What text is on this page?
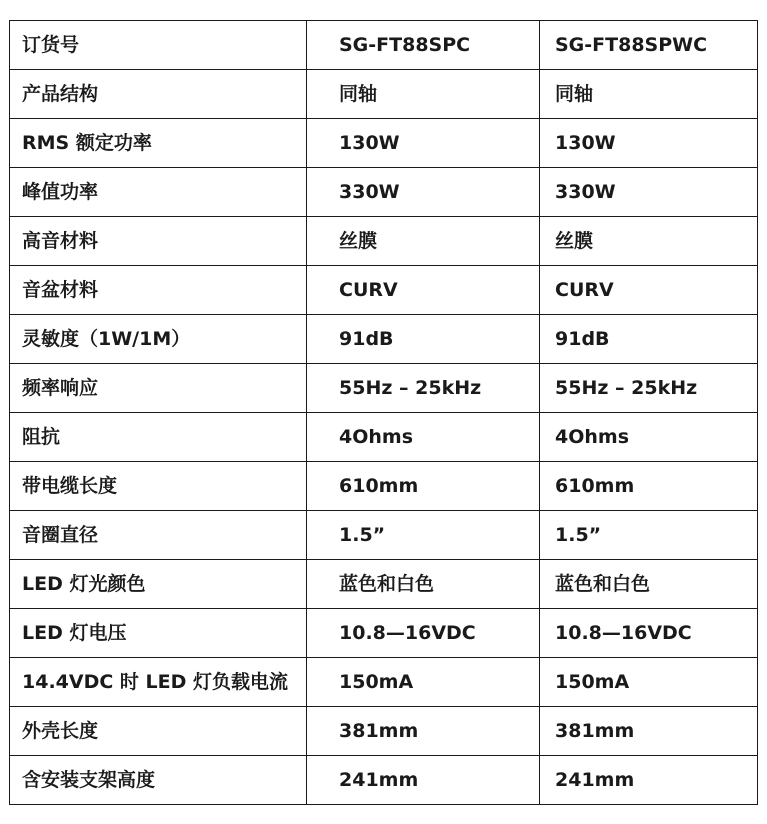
订货号	SG-FT88SPC	SG-FT88SPWC
产品结构	同轴	同轴
RMS 额定功率	130W	130W
峰值功率	330W	330W
高音材料	丝膜	丝膜
音盆材料	CURV	CURV
灵敏度（1W/1M）	91dB	91dB
频率响应	55Hz – 25kHz	55Hz – 25kHz
阻抗	4Ohms	4Ohms
带电缆长度	610mm	610mm
音圈直径	1.5”	1.5”
LED 灯光颜色	蓝色和白色	蓝色和白色
LED 灯电压	10.8—16VDC	10.8—16VDC
14.4VDC 时 LED 灯负载电流	150mA	150mA
外壳长度	381mm	381mm
含安装支架高度	241mm	241mm
